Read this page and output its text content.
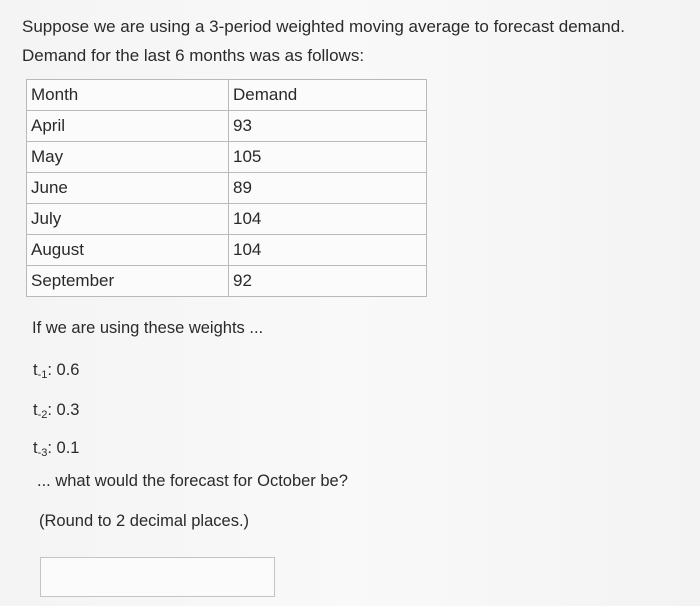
Suppose we are using a 3-period weighted moving average to forecast demand. Demand for the last 6 months was as follows:
Month	Demand
April	93
May	105
June	89
July	104
August	104
September	92
If we are using these weights ...
$t_{-1}$: 0.6
$t_{-2}$: 0.3
$t_{-3}$: 0.1
... what would the forecast for October be?
(Round to 2 decimal places.)
